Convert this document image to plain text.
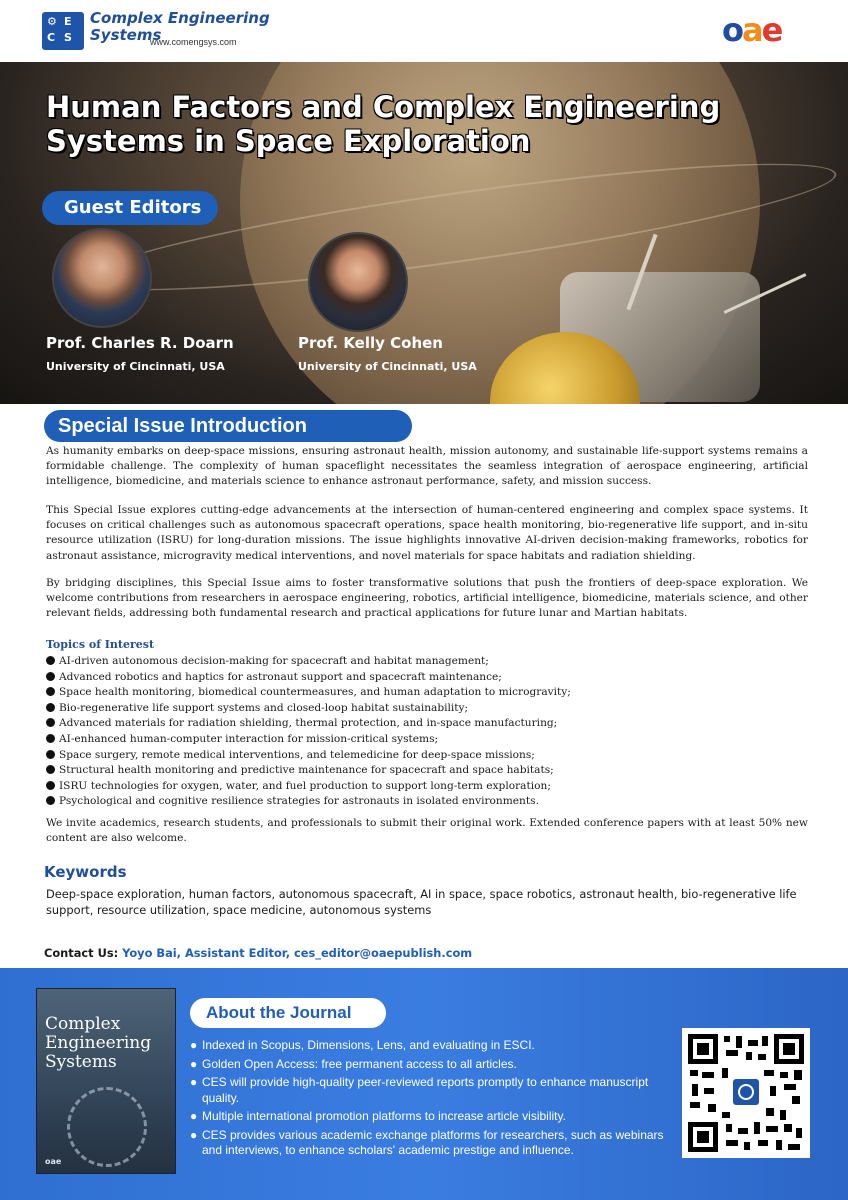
⚙ E
C S
Complex Engineering
Systems
www.comengsys.com	oae
Human Factors and Complex Engineering
Systems in Space Exploration
Guest Editors
Prof. Charles R. Doarn
University of Cincinnati, USA
Prof. Kelly Cohen
University of Cincinnati, USA
Special Issue Introduction

As humanity embarks on deep-space missions, ensuring astronaut health, mission autonomy, and sustainable life-support systems remains a formidable challenge. The complexity of human spaceflight necessitates the seamless integration of aerospace engineering, artificial intelligence, biomedicine, and materials science to enhance astronaut performance, safety, and mission success.

This Special Issue explores cutting-edge advancements at the intersection of human-centered engineering and complex space systems. It focuses on critical challenges such as autonomous spacecraft operations, space health monitoring, bio-regenerative life support, and in-situ resource utilization (ISRU) for long-duration missions. The issue highlights innovative AI-driven decision-making frameworks, robotics for astronaut assistance, microgravity medical interventions, and novel materials for space habitats and radiation shielding.

By bridging disciplines, this Special Issue aims to foster transformative solutions that push the frontiers of deep-space exploration. We welcome contributions from researchers in aerospace engineering, robotics, artificial intelligence, biomedicine, materials science, and other relevant fields, addressing both fundamental research and practical applications for future lunar and Martian habitats.

Topics of Interest
AI-driven autonomous decision-making for spacecraft and habitat management;
Advanced robotics and haptics for astronaut support and spacecraft maintenance;
Space health monitoring, biomedical countermeasures, and human adaptation to microgravity;
Bio-regenerative life support systems and closed-loop habitat sustainability;
Advanced materials for radiation shielding, thermal protection, and in-space manufacturing;
AI-enhanced human-computer interaction for mission-critical systems;
Space surgery, remote medical interventions, and telemedicine for deep-space missions;
Structural health monitoring and predictive maintenance for spacecraft and space habitats;
ISRU technologies for oxygen, water, and fuel production to support long-term exploration;
Psychological and cognitive resilience strategies for astronauts in isolated environments.

We invite academics, research students, and professionals to submit their original work. Extended conference papers with at least 50% new content are also welcome.

Keywords

Deep-space exploration, human factors, autonomous spacecraft, AI in space, space robotics, astronaut health, bio-regenerative life support, resource utilization, space medicine, autonomous systems

Contact Us: Yoyo Bai, Assistant Editor, ces_editor@oaepublish.com
Complex Engineering Systems
oae
About the Journal
● Indexed in Scopus, Dimensions, Lens, and evaluating in ESCI.
● Golden Open Access: free permanent access to all articles.
● CES will provide high-quality peer-reviewed reports promptly to enhance manuscript quality.
● Multiple international promotion platforms to increase article visibility.
● CES provides various academic exchange platforms for researchers, such as webinars and interviews, to enhance scholars' academic prestige and influence.
